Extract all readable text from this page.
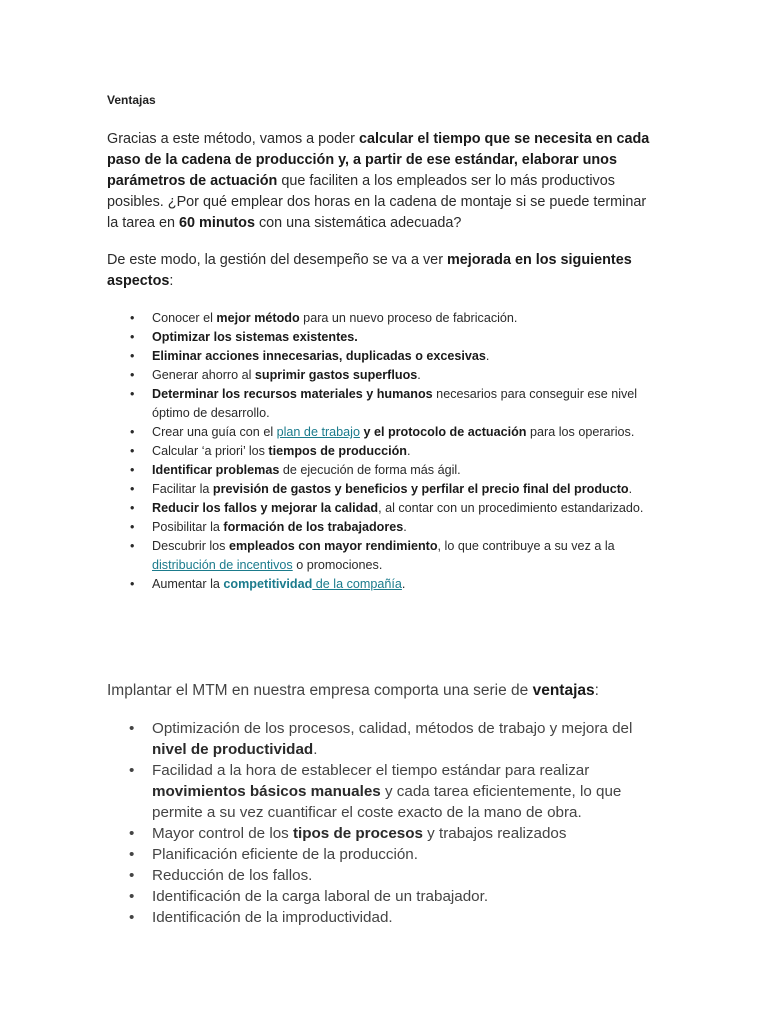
Ventajas

Gracias a este método, vamos a poder calcular el tiempo que se necesita en cada paso de la cadena de producción y, a partir de ese estándar, elaborar unos parámetros de actuación que faciliten a los empleados ser lo más productivos posibles. ¿Por qué emplear dos horas en la cadena de montaje si se puede terminar la tarea en 60 minutos con una sistemática adecuada?

De este modo, la gestión del desempeño se va a ver mejorada en los siguientes aspectos:

• Conocer el mejor método para un nuevo proceso de fabricación.
• Optimizar los sistemas existentes.
• Eliminar acciones innecesarias, duplicadas o excesivas.
• Generar ahorro al suprimir gastos superfluos.
• Determinar los recursos materiales y humanos necesarios para conseguir ese nivel óptimo de desarrollo.
• Crear una guía con el plan de trabajo y el protocolo de actuación para los operarios.
• Calcular ‘a priori’ los tiempos de producción.
• Identificar problemas de ejecución de forma más ágil.
• Facilitar la previsión de gastos y beneficios y perfilar el precio final del producto.
• Reducir los fallos y mejorar la calidad, al contar con un procedimiento estandarizado.
• Posibilitar la formación de los trabajadores.
• Descubrir los empleados con mayor rendimiento, lo que contribuye a su vez a la distribución de incentivos o promociones.
• Aumentar la competitividad de la compañía.

Implantar el MTM en nuestra empresa comporta una serie de ventajas:

• Optimización de los procesos, calidad, métodos de trabajo y mejora del nivel de productividad.
• Facilidad a la hora de establecer el tiempo estándar para realizar movimientos básicos manuales y cada tarea eficientemente, lo que permite a su vez cuantificar el coste exacto de la mano de obra.
• Mayor control de los tipos de procesos y trabajos realizados
• Planificación eficiente de la producción.
• Reducción de los fallos.
• Identificación de la carga laboral de un trabajador.
• Identificación de la improductividad.
